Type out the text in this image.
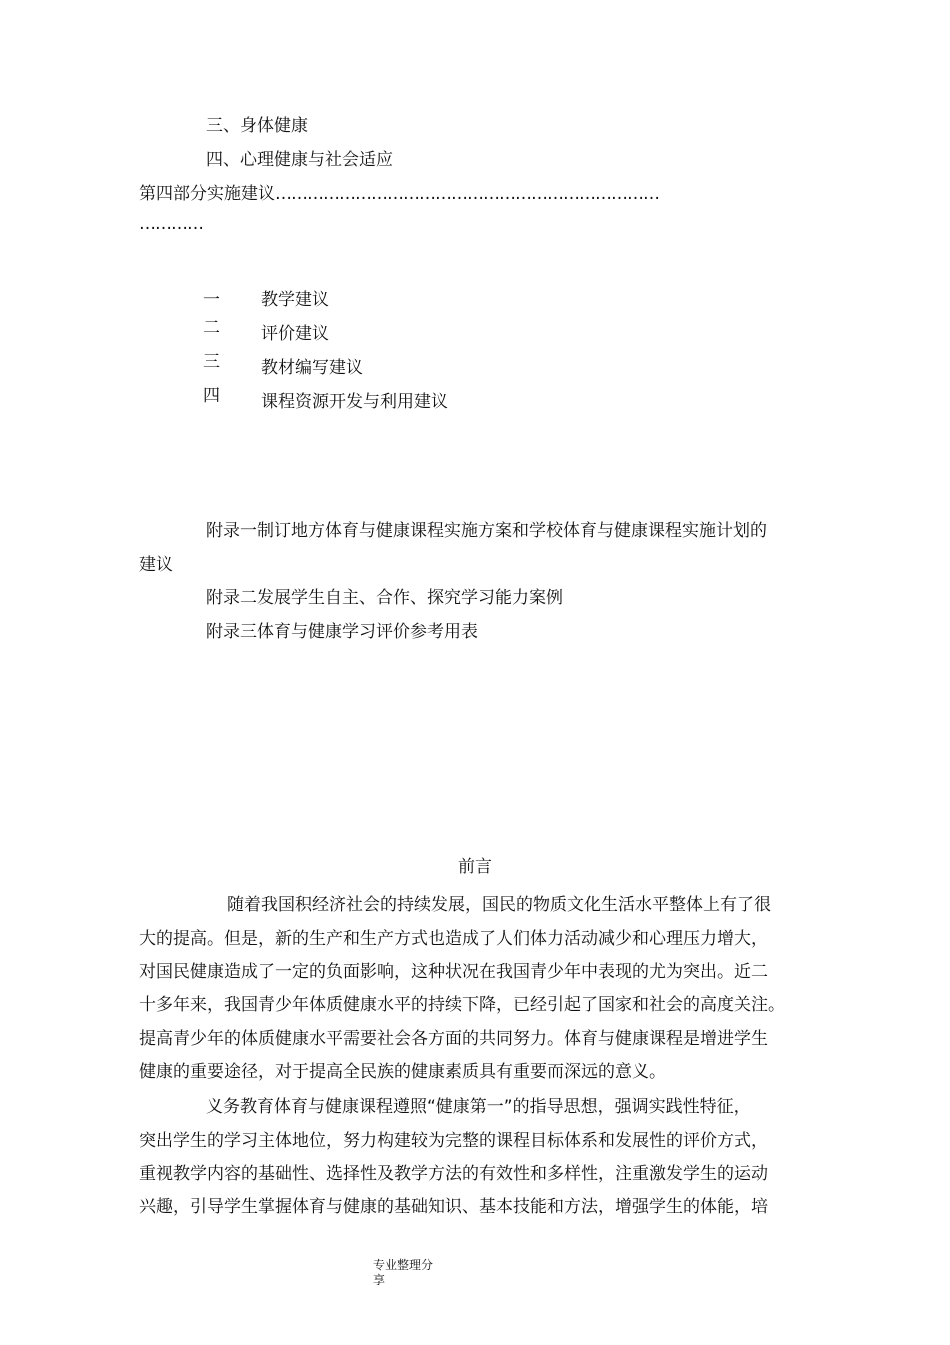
三、身体健康
四、心理健康与社会适应
第四部分实施建议………………………………………………………………
…………
一 教学建议
二 评价建议
三 教材编写建议
四 课程资源开发与利用建议
附录一制订地方体育与健康课程实施方案和学校体育与健康课程实施计划的
建议
附录二发展学生自主、合作、探究学习能力案例
附录三体育与健康学习评价参考用表
前言
随着我国积经济社会的持续发展，国民的物质文化生活水平整体上有了很
大的提高。但是，新的生产和生产方式也造成了人们体力活动减少和心理压力增大，
对国民健康造成了一定的负面影响，这种状况在我国青少年中表现的尤为突出。近二
十多年来，我国青少年体质健康水平的持续下降，已经引起了国家和社会的高度关注。
提高青少年的体质健康水平需要社会各方面的共同努力。体育与健康课程是增进学生
健康的重要途径，对于提高全民族的健康素质具有重要而深远的意义。
义务教育体育与健康课程遵照“健康第一”的指导思想，强调实践性特征，
突出学生的学习主体地位，努力构建较为完整的课程目标体系和发展性的评价方式，
重视教学内容的基础性、选择性及教学方法的有效性和多样性，注重激发学生的运动
兴趣，引导学生掌握体育与健康的基础知识、基本技能和方法，增强学生的体能，培
专业整理分
享
